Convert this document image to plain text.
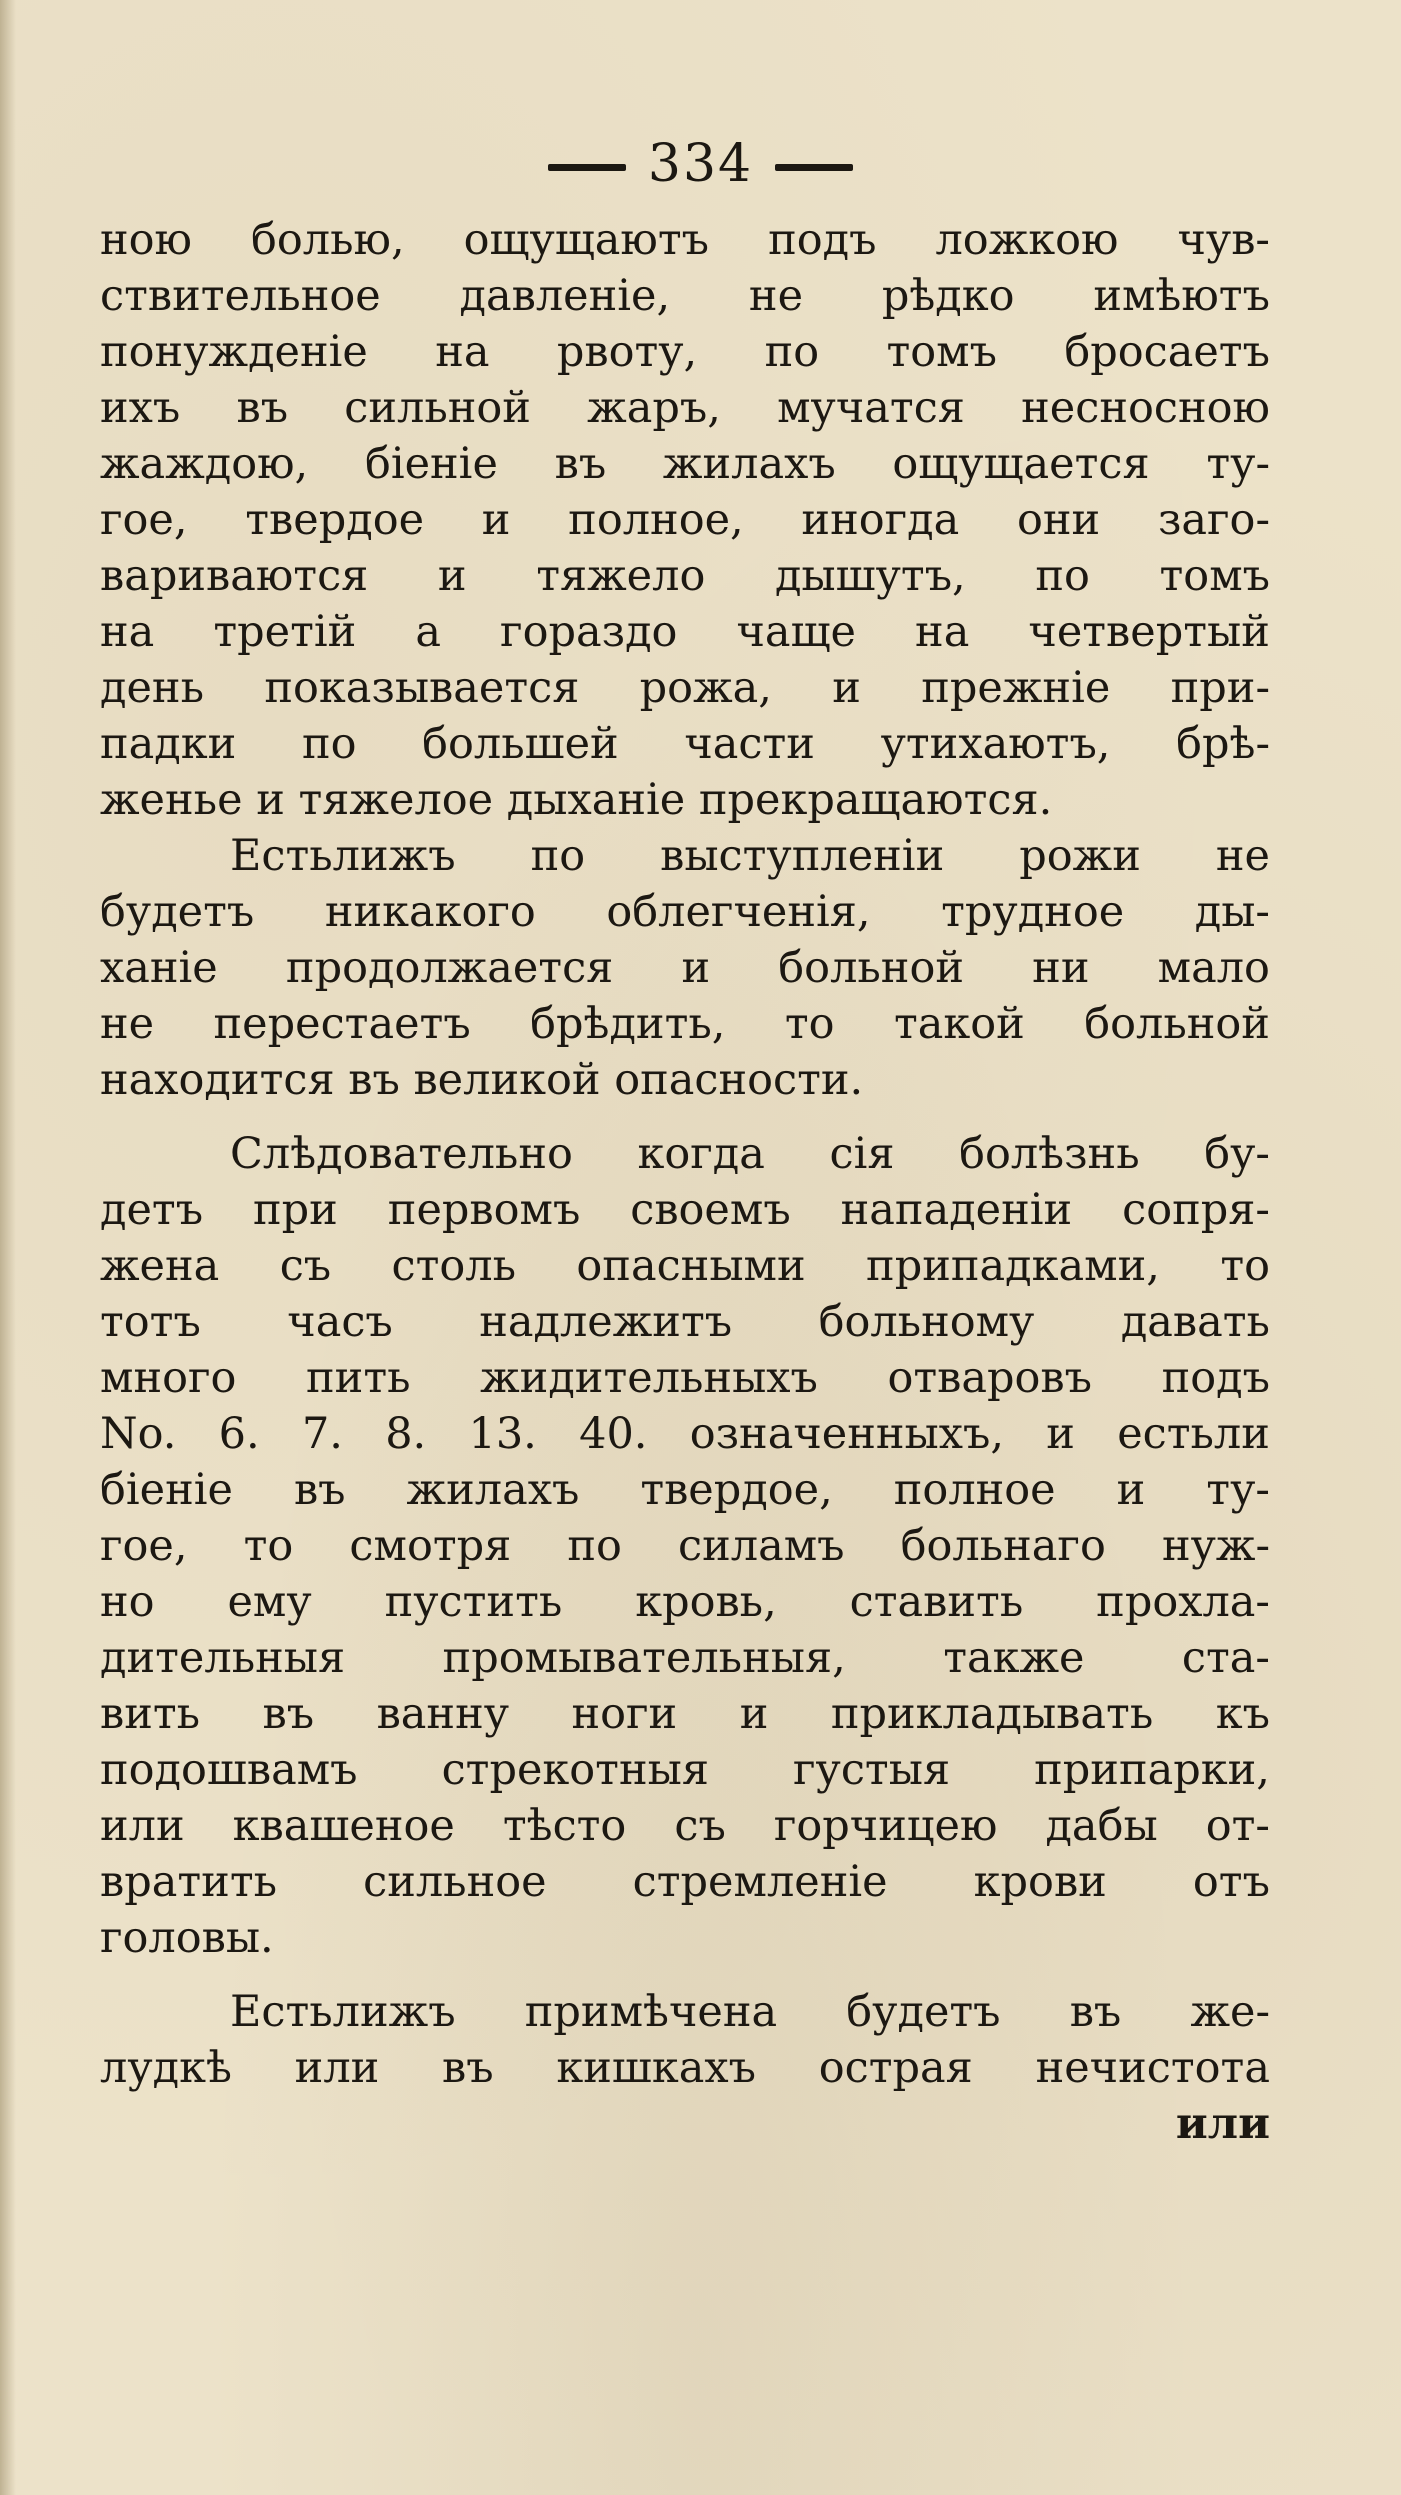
334
ною болью, ощущаютъ подъ ложкою чув-
ствительное давленіе, не рѣдко имѣютъ
понужденіе на рвоту, по томъ бросаетъ
ихъ въ сильной жаръ, мучатся несносною
жаждою, біеніе въ жилахъ ощущается ту-
гое, твердое и полное, иногда они заго-
вариваются и тяжело дышутъ, по томъ
на третій а гораздо чаще на четвертый
день показывается рожа, и прежніе при-
падки по большей части утихаютъ, брѣ-
женье и тяжелое дыханіе прекращаются.
Естьлижъ по выступленіи рожи не
будетъ никакого облегченія, трудное ды-
ханіе продолжается и больной ни мало
не перестаетъ брѣдить, то такой больной
находится въ великой опасности.
Слѣдовательно когда сія болѣзнь бу-
детъ при первомъ своемъ нападеніи сопря-
жена съ столь опасными припадками, то
тотъ часъ надлежитъ больному давать
много пить жидительныхъ отваровъ подъ
No. 6. 7. 8. 13. 40. означенныхъ, и естьли
біеніе въ жилахъ твердое, полное и ту-
гое, то смотря по силамъ больнаго нуж-
но ему пустить кровь, ставить прохла-
дительныя промывательныя, также ста-
вить въ ванну ноги и прикладывать къ
подошвамъ стрекотныя густыя припарки,
или квашеное тѣсто съ горчицею дабы от-
вратить сильное стремленіе крови отъ
головы.
Естьлижъ примѣчена будетъ въ же-
лудкѣ или въ кишкахъ острая нечистота
или
